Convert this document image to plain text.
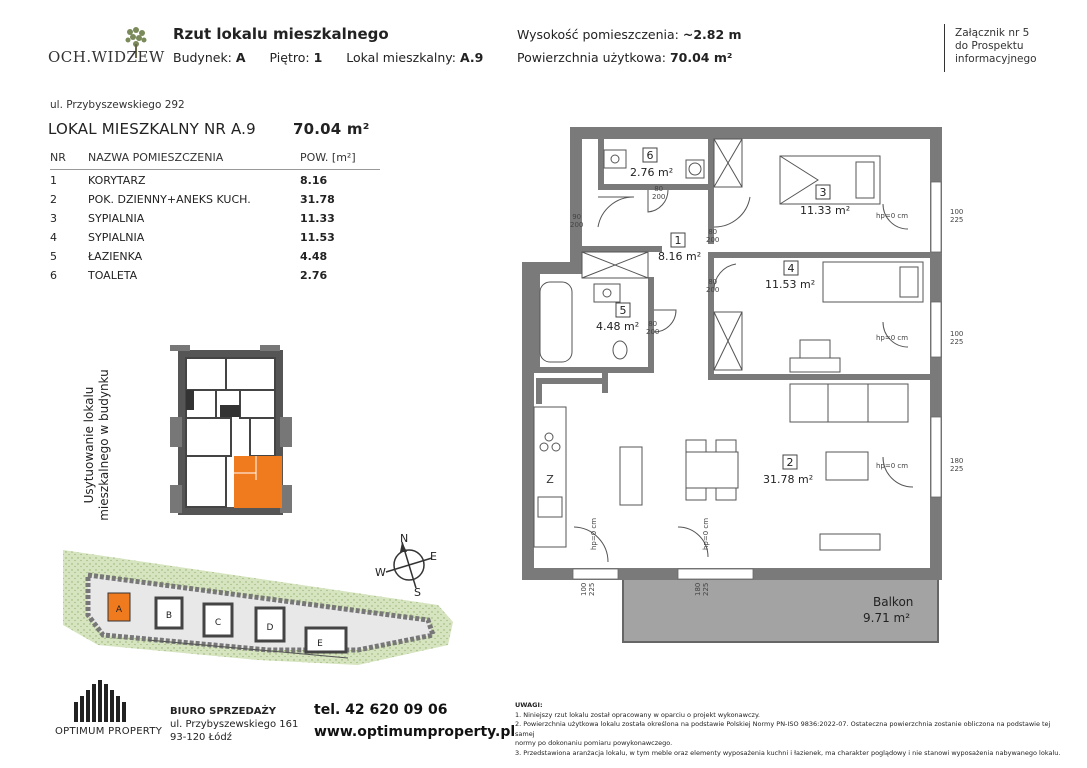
OCH.WIDZEW
Rzut lokalu mieszkalnego
Budynek: A Piętro: 1 Lokal mieszkalny: A.9
Wysokość pomieszczenia: ~2.82 m
Powierzchnia użytkowa: 70.04 m²
Załącznik nr 5
do Prospektu
informacyjnego
ul. Przybyszewskiego 292
LOKAL MIESZKALNY NR A.9 70.04 m²
NR	NAZWA POMIESZCZENIA	POW. [m²]
1	KORYTARZ	8.16
2	POK. DZIENNY+ANEKS KUCH.	31.78
3	SYPIALNIA	11.33
4	SYPIALNIA	11.53
5	ŁAZIENKA	4.48
6	TOALETA	2.76
Usytuowanie lokalu mieszkalnego w budynku
A
B
C	D
E
N
E
S
W
Z
6
2.76 m²
3
11.33 m²
1
8.16 m²
4
11.53 m²
5
4.48 m²
2
31.78 m²
Balkon
9.71 m²
hp=0 cm
hp=0 cm
hp=0 cm
hp=0 cm	hp=0 cm
90
200
80
200
80
200
80
200
80
200
100
225
100
225
180
225
100
225	180
225
OPTIMUM PROPERTY
BIURO SPRZEDAŻY
ul. Przybyszewskiego 161
93-120 Łódź
tel. 42 620 09 06
www.optimumproperty.pl
UWAGI:
1. Niniejszy rzut lokalu został opracowany w oparciu o projekt wykonawczy.
2. Powierzchnia użytkowa lokalu została określona na podstawie Polskiej Normy PN-ISO 9836:2022-07. Ostateczna powierzchnia zostanie obliczona na podstawie tej samej
normy po dokonaniu pomiaru powykonawczego.
3. Przedstawiona aranżacja lokalu, w tym meble oraz elementy wyposażenia kuchni i łazienek, ma charakter poglądowy i nie stanowi wyposażenia nabywanego lokalu.
